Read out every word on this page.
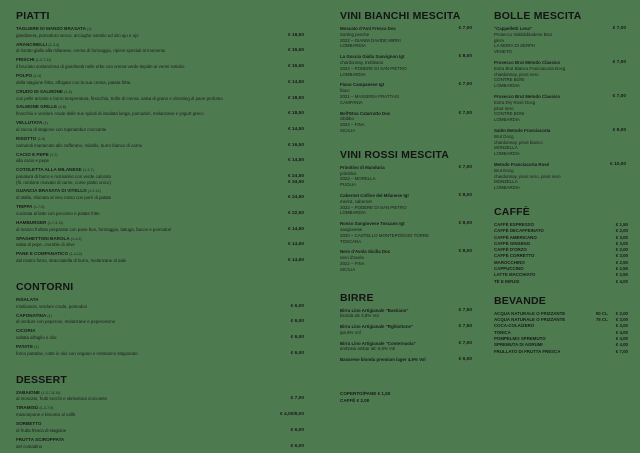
PIATTI
TAGLIERE DI MANZO BRASATA (1)
giardiniera, pomodoro secco, acciughe sottolio ed olio ajo e ojo	€ 18,50
ARANCINELLI (1-3-4)
di risotto giallo alla milanese, crema di formaggio, ripieni speziati al momento	€ 16,50
FRISCHI (1-3-7-11)
il bruciato sostanzioso di giardinetti nelle erbe con crema verde tiepide ai vermi sottolio	€ 16,50
POLPO (1-4)
della stagione fritta, affogato con la sua crema, patata fritta	€ 14,50
CRUDO DI SALMONE (1-4)
con pelle arrosto e burro temperatura, finocchio, trofie di crema, salsa di grano e dressing di pane profumo	€ 18,50
SALMONE GRILLE (4-8)
finocchio e verdure crude delle sue spirali di insalata lunga, pomodori, melanzane e yogurt greco	€ 18,50
VELLUTATA (1)
di zucca di stagione con topinambur croccante	€ 14,50
RISOTTO (1-9)
carnaroli mantecato allo zafferano, midollo, burro bianco di carne	€ 16,50
CACIO E PEPE (1-7)
alla cacio e pepe	€ 14,50
COTOLETTA ALLA MILANESE (1-3-7)
panatura di burro e rosmarino con verde colorato
(fit. rotolone ricavato di carne, come piatto unico)
€ 24,50
€ 34,50
GUANCIA BRASATA DI VITELLO (1-9-12)
di stalla, sfumata al vino rosso con purè di patate	€ 24,50
TRIPPA (1-7-9)
cucinata al latte con pecorino e patate fritte	€ 22,50
HAMBURGER (1-7-3-11)
di manzo frollato preparato con pane bun, formaggio, lattuga, bacon e pomodori	€ 14,50
SPAGHETTONI BAROLA (1-4-9)
salsa di pepe, crumble di olive	€ 14,50
PANE E COMPANATICO (1-4-12)
dal nostro forno, stracciatella di burro, melanzane al sale	€ 14,50
CONTORNI
INSALATA
misticanza, verdure crude, pomodori	€ 6,00
CAPONATINA (1)
di verdure con peperoni, melanzane e peperoncino	€ 6,00
CICORIA
saltata all'aglio e olio	€ 6,00
PATATE (1)
forno patatine, cotte in olio con origano e rosmarino stagionato	€ 6,00
DESSERT
ZABAIONE (1-3-7-8-10)
al moscato, frutti secchi e sbrisolona croccante	€ 7,00
TIRAMISÙ (1-3-7-9)
mascarpone e biscotto al caffè	€ 4,00/8,00
SORBETTO
di frutta fresca di stagione	€ 6,00
FRUTTA SCIROPPATA
del contadino	€ 6,00
VINI BIANCHI MESCITA
Moscato d'Asti Fresca Doc
Sorting pesche
2022 – GIANNI DAVIDE MIRRI
LOMBARDIA
€ 7,00
La Goccia Gialla Sauvignon Igt
chardonnay, trebbiano
2022 – PODERE DI SAN PIETRO
LOMBARDIA
€ 8,00
Fiano Campanese Igt
fiano
2021 – MASSERIA FRATTASI
CAMPANIA
€ 7,00
Bell'Etna Catarratto Doc
zibibbo
2022 – FINA
SICILIA
€ 7,00
VINI ROSSI MESCITA
Primitivo di Manduria
primitivo
2022 – MORELLA
PUGLIA
€ 7,00
Cabernet Colline del Milanese Igt
merlot, cabernet
2022 – PODERE DI SAN PIETRO
LOMBARDIA
€ 8,00
Rosso Sangiovese Toscano Igt
sangiovese
2020 – CASTELLO MONTEPOGGIO TORRE
TOSCANA
€ 8,00
Nero d'Avola Sicilia Doc
nero d'avola
2022 – FINA
SICILIA
€ 8,00
BIRRE
Birra Lino Artigianale "Bastiano"
bionda alc 4,8% Vol
€ 7,50
Birra Lino Artigianale "Rghiottone"
ipa 6% Vol
€ 7,50
Birra Lino Artigianale "Conternuola"
ambrata ambar alc 6,5% Vol
€ 7,50
Bavarese bionda premium lager 4,9% Vol	€ 6,00
COPERTO/PANE € 1,50
CAFFÈ € 2,00
BOLLE MESCITA
"Cappelletti Lena"
Prosecco Valdobbiadene Brut
glera
LA MORA DI SERPH
VENETO
€ 7,00
Prosecco Brut Metodo Classico
Extra Brut Bianco Franciacorta Docg
chardonnay, pinot nero
CONTRE BONI
LOMBARDIA
€ 7,00
Prosecco Brut Metodo Classico
Extra Dry Rosé Docg
pinot nero
CONTRE BONI
LOMBARDIA
€ 7,00
Satèn Metodo Franciacorta
Brut Docg
chardonnay, pinot bianco
MONZELLA
LOMBARDIA
€ 9,00
Metodo Franciacorta Rosé
Brut Docg
chardonnay, pinot nero, pinot nero
MONZELLA
LOMBARDIA
€ 10,00
CAFFÈ
CAFFÈ ESPRESSO	€ 1,50
CAFFÈ DECAFFEINATO	€ 2,00
CAFFÈ AMERICANO	€ 3,00
CAFFÈ GINSENG	€ 3,00
CAFFÈ D'ORZO	€ 2,00
CAFFÈ CORRETTO	€ 3,00
MAROCCHINO	€ 2,50
CAPPUCCINO	€ 2,50
LATTE MACCHIATO	€ 2,50
TÈ E INFUSI	€ 4,00
BEVANDE
ACQUA NATURALE O FRIZZANTE	50 CL € 2,00
ACQUA NATURALE O FRIZZANTE	75 CL € 3,00
COCA-COLA/ZERO	€ 3,00
TONICA	€ 4,00
POMPELMO SPREMUTO	€ 4,00
SPREMUTA DI AGRUMI	€ 4,00
FRULLATO DI FRUTTA FRESCA	€ 7,00
